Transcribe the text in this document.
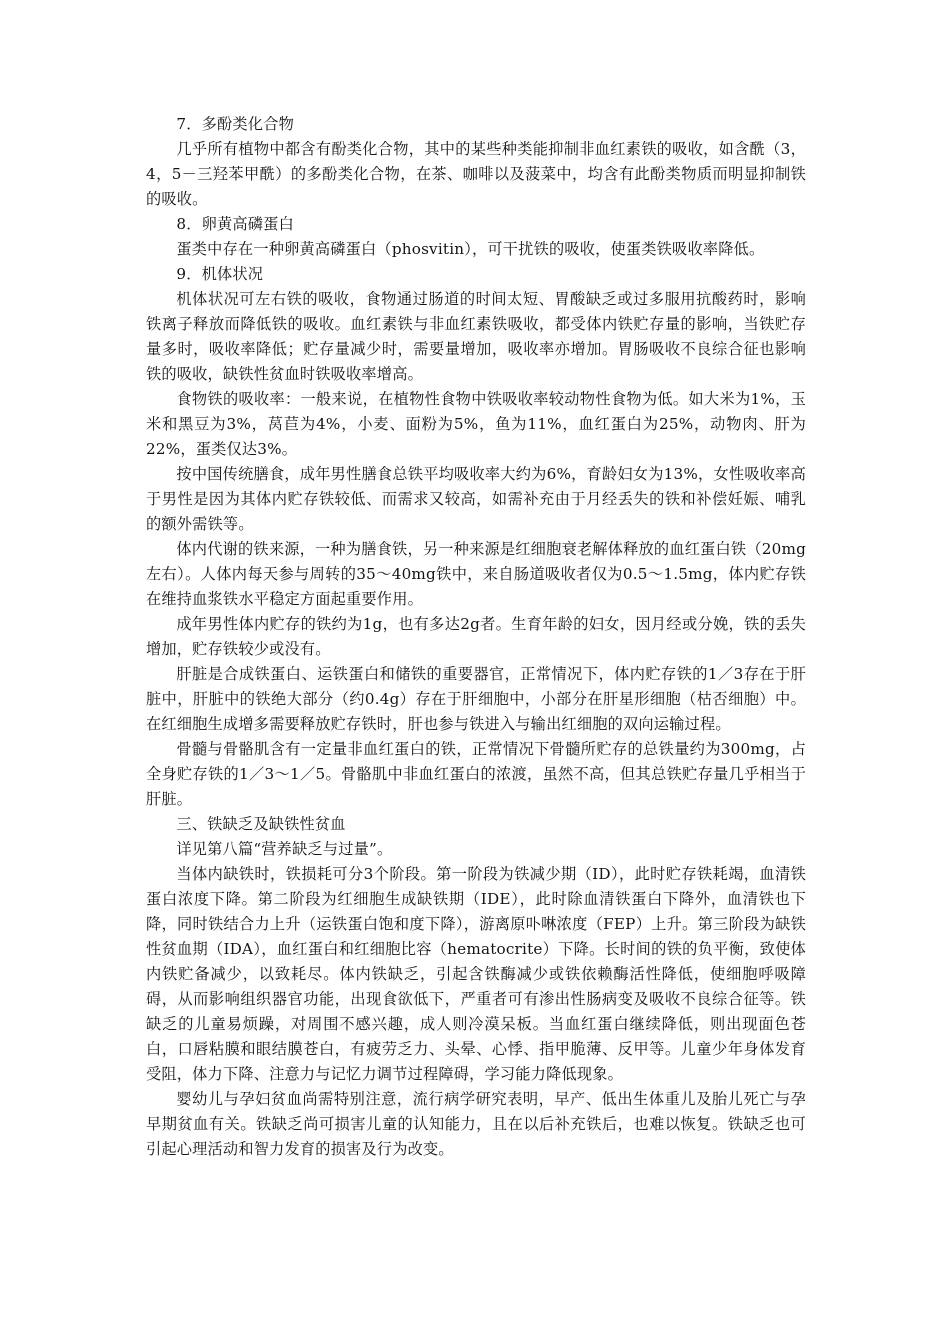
7．多酚类化合物

几乎所有植物中都含有酚类化合物，其中的某些种类能抑制非血红素铁的吸收，如含酰（3，4，5－三羟苯甲酰）的多酚类化合物，在茶、咖啡以及菠菜中，均含有此酚类物质而明显抑制铁的吸收。

8．卵黄高磷蛋白

蛋类中存在一种卵黄高磷蛋白（phosvitin），可干扰铁的吸收，使蛋类铁吸收率降低。

9．机体状况

机体状况可左右铁的吸收，食物通过肠道的时间太短、胃酸缺乏或过多服用抗酸药时，影响铁离子释放而降低铁的吸收。血红素铁与非血红素铁吸收，都受体内铁贮存量的影响，当铁贮存量多时，吸收率降低；贮存量减少时，需要量增加，吸收率亦增加。胃肠吸收不良综合征也影响铁的吸收，缺铁性贫血时铁吸收率增高。

食物铁的吸收率：一般来说，在植物性食物中铁吸收率较动物性食物为低。如大米为1%，玉米和黑豆为3%，莴苣为4%，小麦、面粉为5%，鱼为11%，血红蛋白为25%，动物肉、肝为22%，蛋类仅达3%。

按中国传统膳食，成年男性膳食总铁平均吸收率大约为6%，育龄妇女为13%，女性吸收率高于男性是因为其体内贮存铁较低、而需求又较高，如需补充由于月经丢失的铁和补偿妊娠、哺乳的额外需铁等。

体内代谢的铁来源，一种为膳食铁，另一种来源是红细胞衰老解体释放的血红蛋白铁（20mg左右）。人体内每天参与周转的35～40mg铁中，来自肠道吸收者仅为0.5～1.5mg，体内贮存铁在维持血浆铁水平稳定方面起重要作用。

成年男性体内贮存的铁约为1g，也有多达2g者。生育年龄的妇女，因月经或分娩，铁的丢失增加，贮存铁较少或没有。

肝脏是合成铁蛋白、运铁蛋白和储铁的重要器官，正常情况下，体内贮存铁的1／3存在于肝脏中，肝脏中的铁绝大部分（约0.4g）存在于肝细胞中，小部分在肝星形细胞（枯否细胞）中。在红细胞生成增多需要释放贮存铁时，肝也参与铁进入与输出红细胞的双向运输过程。

骨髓与骨骼肌含有一定量非血红蛋白的铁，正常情况下骨髓所贮存的总铁量约为300mg，占全身贮存铁的1／3～1／5。骨骼肌中非血红蛋白的浓渡，虽然不高，但其总铁贮存量几乎相当于肝脏。

三、铁缺乏及缺铁性贫血

详见第八篇“营养缺乏与过量”。

当体内缺铁时，铁损耗可分3个阶段。第一阶段为铁减少期（ID），此时贮存铁耗竭，血清铁蛋白浓度下降。第二阶段为红细胞生成缺铁期（IDE），此时除血清铁蛋白下降外，血清铁也下降，同时铁结合力上升（运铁蛋白饱和度下降），游离原卟啉浓度（FEP）上升。第三阶段为缺铁性贫血期（IDA），血红蛋白和红细胞比容（hematocrite）下降。长时间的铁的负平衡，致使体内铁贮备减少，以致耗尽。体内铁缺乏，引起含铁酶减少或铁依赖酶活性降低，使细胞呼吸障碍，从而影响组织器官功能，出现食欲低下，严重者可有渗出性肠病变及吸收不良综合征等。铁缺乏的儿童易烦躁，对周围不感兴趣，成人则冷漠呆板。当血红蛋白继续降低，则出现面色苍白，口唇粘膜和眼结膜苍白，有疲劳乏力、头晕、心悸、指甲脆薄、反甲等。儿童少年身体发育受阻，体力下降、注意力与记忆力调节过程障碍，学习能力降低现象。

婴幼儿与孕妇贫血尚需特别注意，流行病学研究表明，早产、低出生体重儿及胎儿死亡与孕早期贫血有关。铁缺乏尚可损害儿童的认知能力，且在以后补充铁后，也难以恢复。铁缺乏也可引起心理活动和智力发育的损害及行为改变。
